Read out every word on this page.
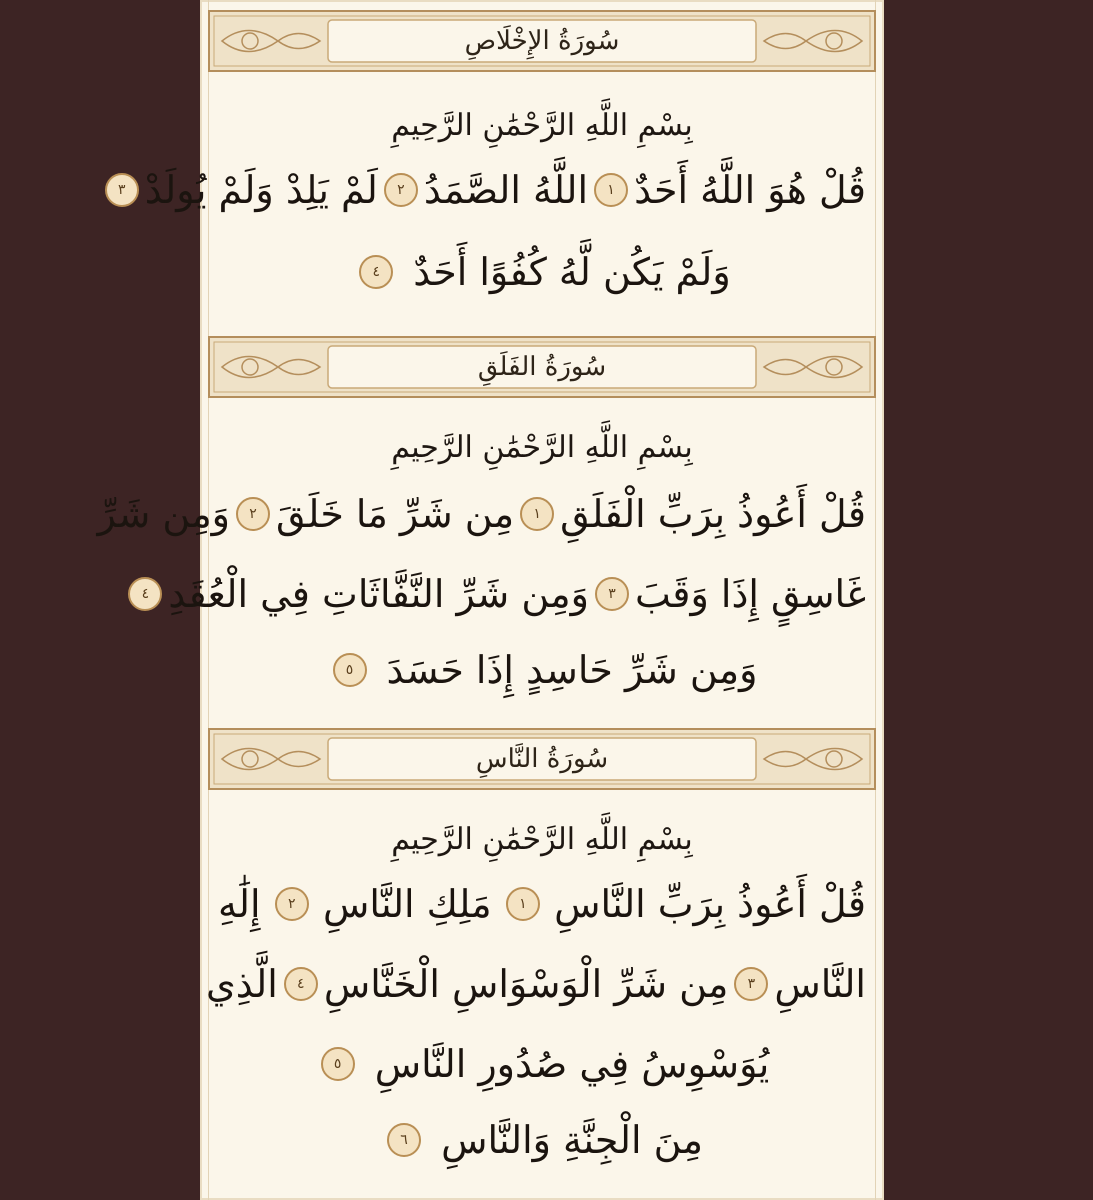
سُورَةُ الإِخْلَاصِ
بِسْمِ اللَّهِ الرَّحْمَٰنِ الرَّحِيمِ
قُلْ هُوَ اللَّهُ أَحَدٌ
١
اللَّهُ الصَّمَدُ
٢
لَمْ يَلِدْ وَلَمْ يُولَدْ
٣
وَلَمْ يَكُن لَّهُ كُفُوًا أَحَدٌ
٤
سُورَةُ الفَلَقِ
بِسْمِ اللَّهِ الرَّحْمَٰنِ الرَّحِيمِ
قُلْ أَعُوذُ بِرَبِّ الْفَلَقِ
١
مِن شَرِّ مَا خَلَقَ
٢
وَمِن شَرِّ
غَاسِقٍ إِذَا وَقَبَ
٣
وَمِن شَرِّ النَّفَّاثَاتِ فِي الْعُقَدِ
٤
وَمِن شَرِّ حَاسِدٍ إِذَا حَسَدَ
٥
سُورَةُ النَّاسِ
بِسْمِ اللَّهِ الرَّحْمَٰنِ الرَّحِيمِ
قُلْ أَعُوذُ بِرَبِّ النَّاسِ
١
مَلِكِ النَّاسِ
٢
إِلَٰهِ
النَّاسِ
٣
مِن شَرِّ الْوَسْوَاسِ الْخَنَّاسِ
٤
الَّذِي
يُوَسْوِسُ فِي صُدُورِ النَّاسِ
٥
مِنَ الْجِنَّةِ وَالنَّاسِ
٦
